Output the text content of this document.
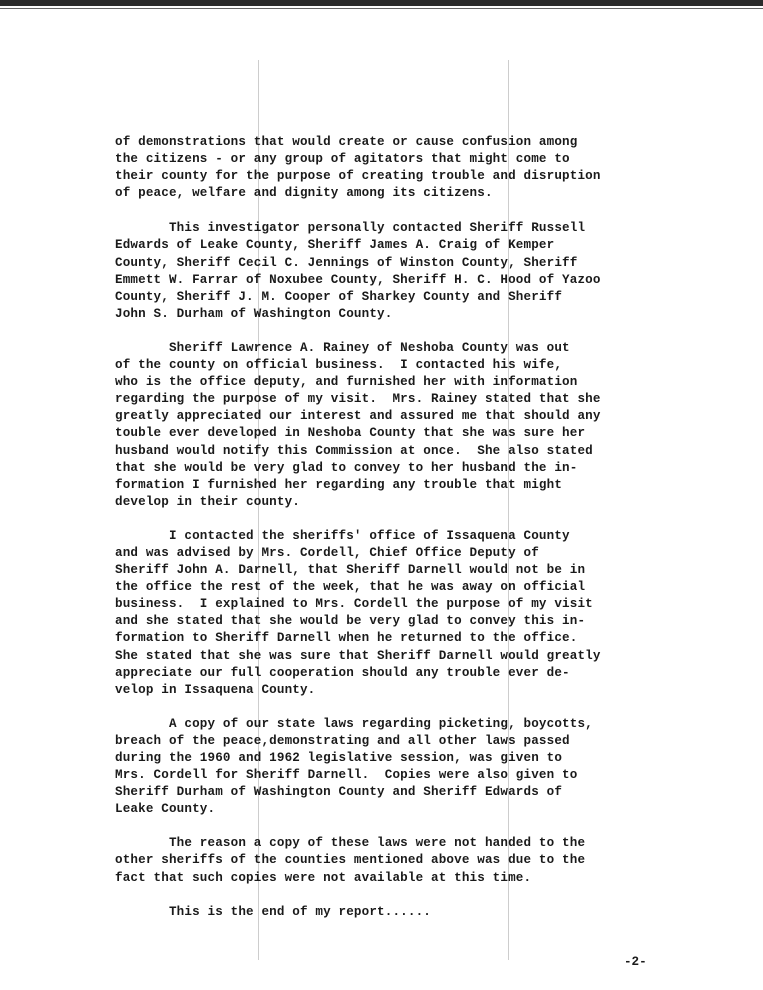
of demonstrations that would create or cause confusion among
the citizens - or any group of agitators that might come to
their county for the purpose of creating trouble and disruption
of peace, welfare and dignity among its citizens.

This investigator personally contacted Sheriff Russell
Edwards of Leake County, Sheriff James A. Craig of Kemper
County, Sheriff Cecil C. Jennings of Winston County, Sheriff
Emmett W. Farrar of Noxubee County, Sheriff H. C. Hood of Yazoo
County, Sheriff J. M. Cooper of Sharkey County and Sheriff
John S. Durham of Washington County.

Sheriff Lawrence A. Rainey of Neshoba County was out
of the county on official business.  I contacted his wife,
who is the office deputy, and furnished her with information
regarding the purpose of my visit.  Mrs. Rainey stated that she
greatly appreciated our interest and assured me that should any
touble ever developed in Neshoba County that she was sure her
husband would notify this Commission at once.  She also stated
that she would be very glad to convey to her husband the in-
formation I furnished her regarding any trouble that might
develop in their county.

I contacted the sheriffs' office of Issaquena County
and was advised by Mrs. Cordell, Chief Office Deputy of
Sheriff John A. Darnell, that Sheriff Darnell would not be in
the office the rest of the week, that he was away on official
business.  I explained to Mrs. Cordell the purpose of my visit
and she stated that she would be very glad to convey this in-
formation to Sheriff Darnell when he returned to the office.
She stated that she was sure that Sheriff Darnell would greatly
appreciate our full cooperation should any trouble ever de-
velop in Issaquena County.

A copy of our state laws regarding picketing, boycotts,
breach of the peace,demonstrating and all other laws passed
during the 1960 and 1962 legislative session, was given to
Mrs. Cordell for Sheriff Darnell.  Copies were also given to
Sheriff Durham of Washington County and Sheriff Edwards of
Leake County.

The reason a copy of these laws were not handed to the
other sheriffs of the counties mentioned above was due to the
fact that such copies were not available at this time.

This is the end of my report......

-2-
